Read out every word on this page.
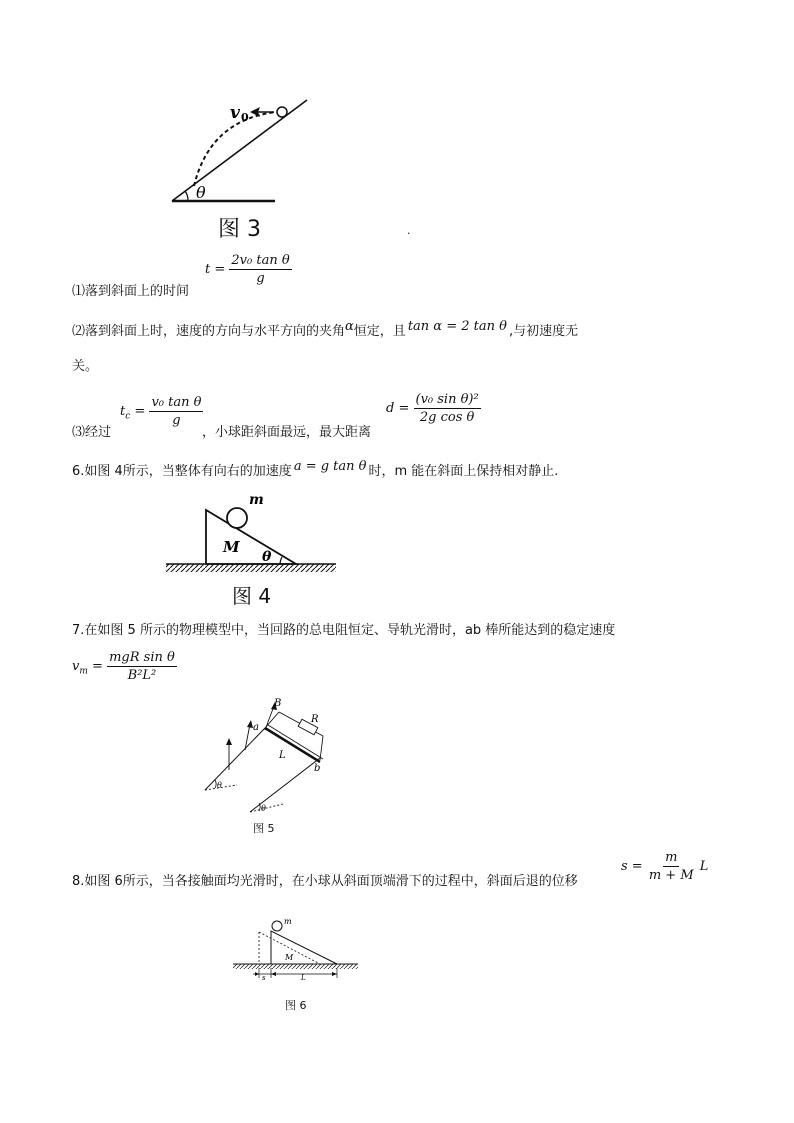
v 0
θ
图 3	.
$t = \frac{\text{2v₀ tan θ}}{g}$
⑴落到斜面上的时间
⑵落到斜面上时，速度的方向与水平方向的夹角α恒定，且 tan α = 2 tan θ ,与初速度无
关。
⑶经过
$t_c = \frac{\text{v₀ tan θ}}{g}$
，小球距斜面最远，最大距离
$d = \frac{\text{(v₀ sin θ)²}}{\text{2g cos θ}}$
6.如图 4所示，当整体有向右的加速度 a = g tan θ 时，m 能在斜面上保持相对静止.
m
M
θ
图 4
7.在如图 5 所示的物理模型中，当回路的总电阻恒定、导轨光滑时，ab 棒所能达到的稳定速度
$v_m = \frac{\text{mgR sin θ}}{\text{B²L²}}$
B
R
a
L
b
θ
θ
图 5
8.如图 6所示，当各接触面均光滑时，在小球从斜面顶端滑下的过程中，斜面后退的位移
$s = \frac{m}{m + M}$ L
m
M
s	L
图 6
